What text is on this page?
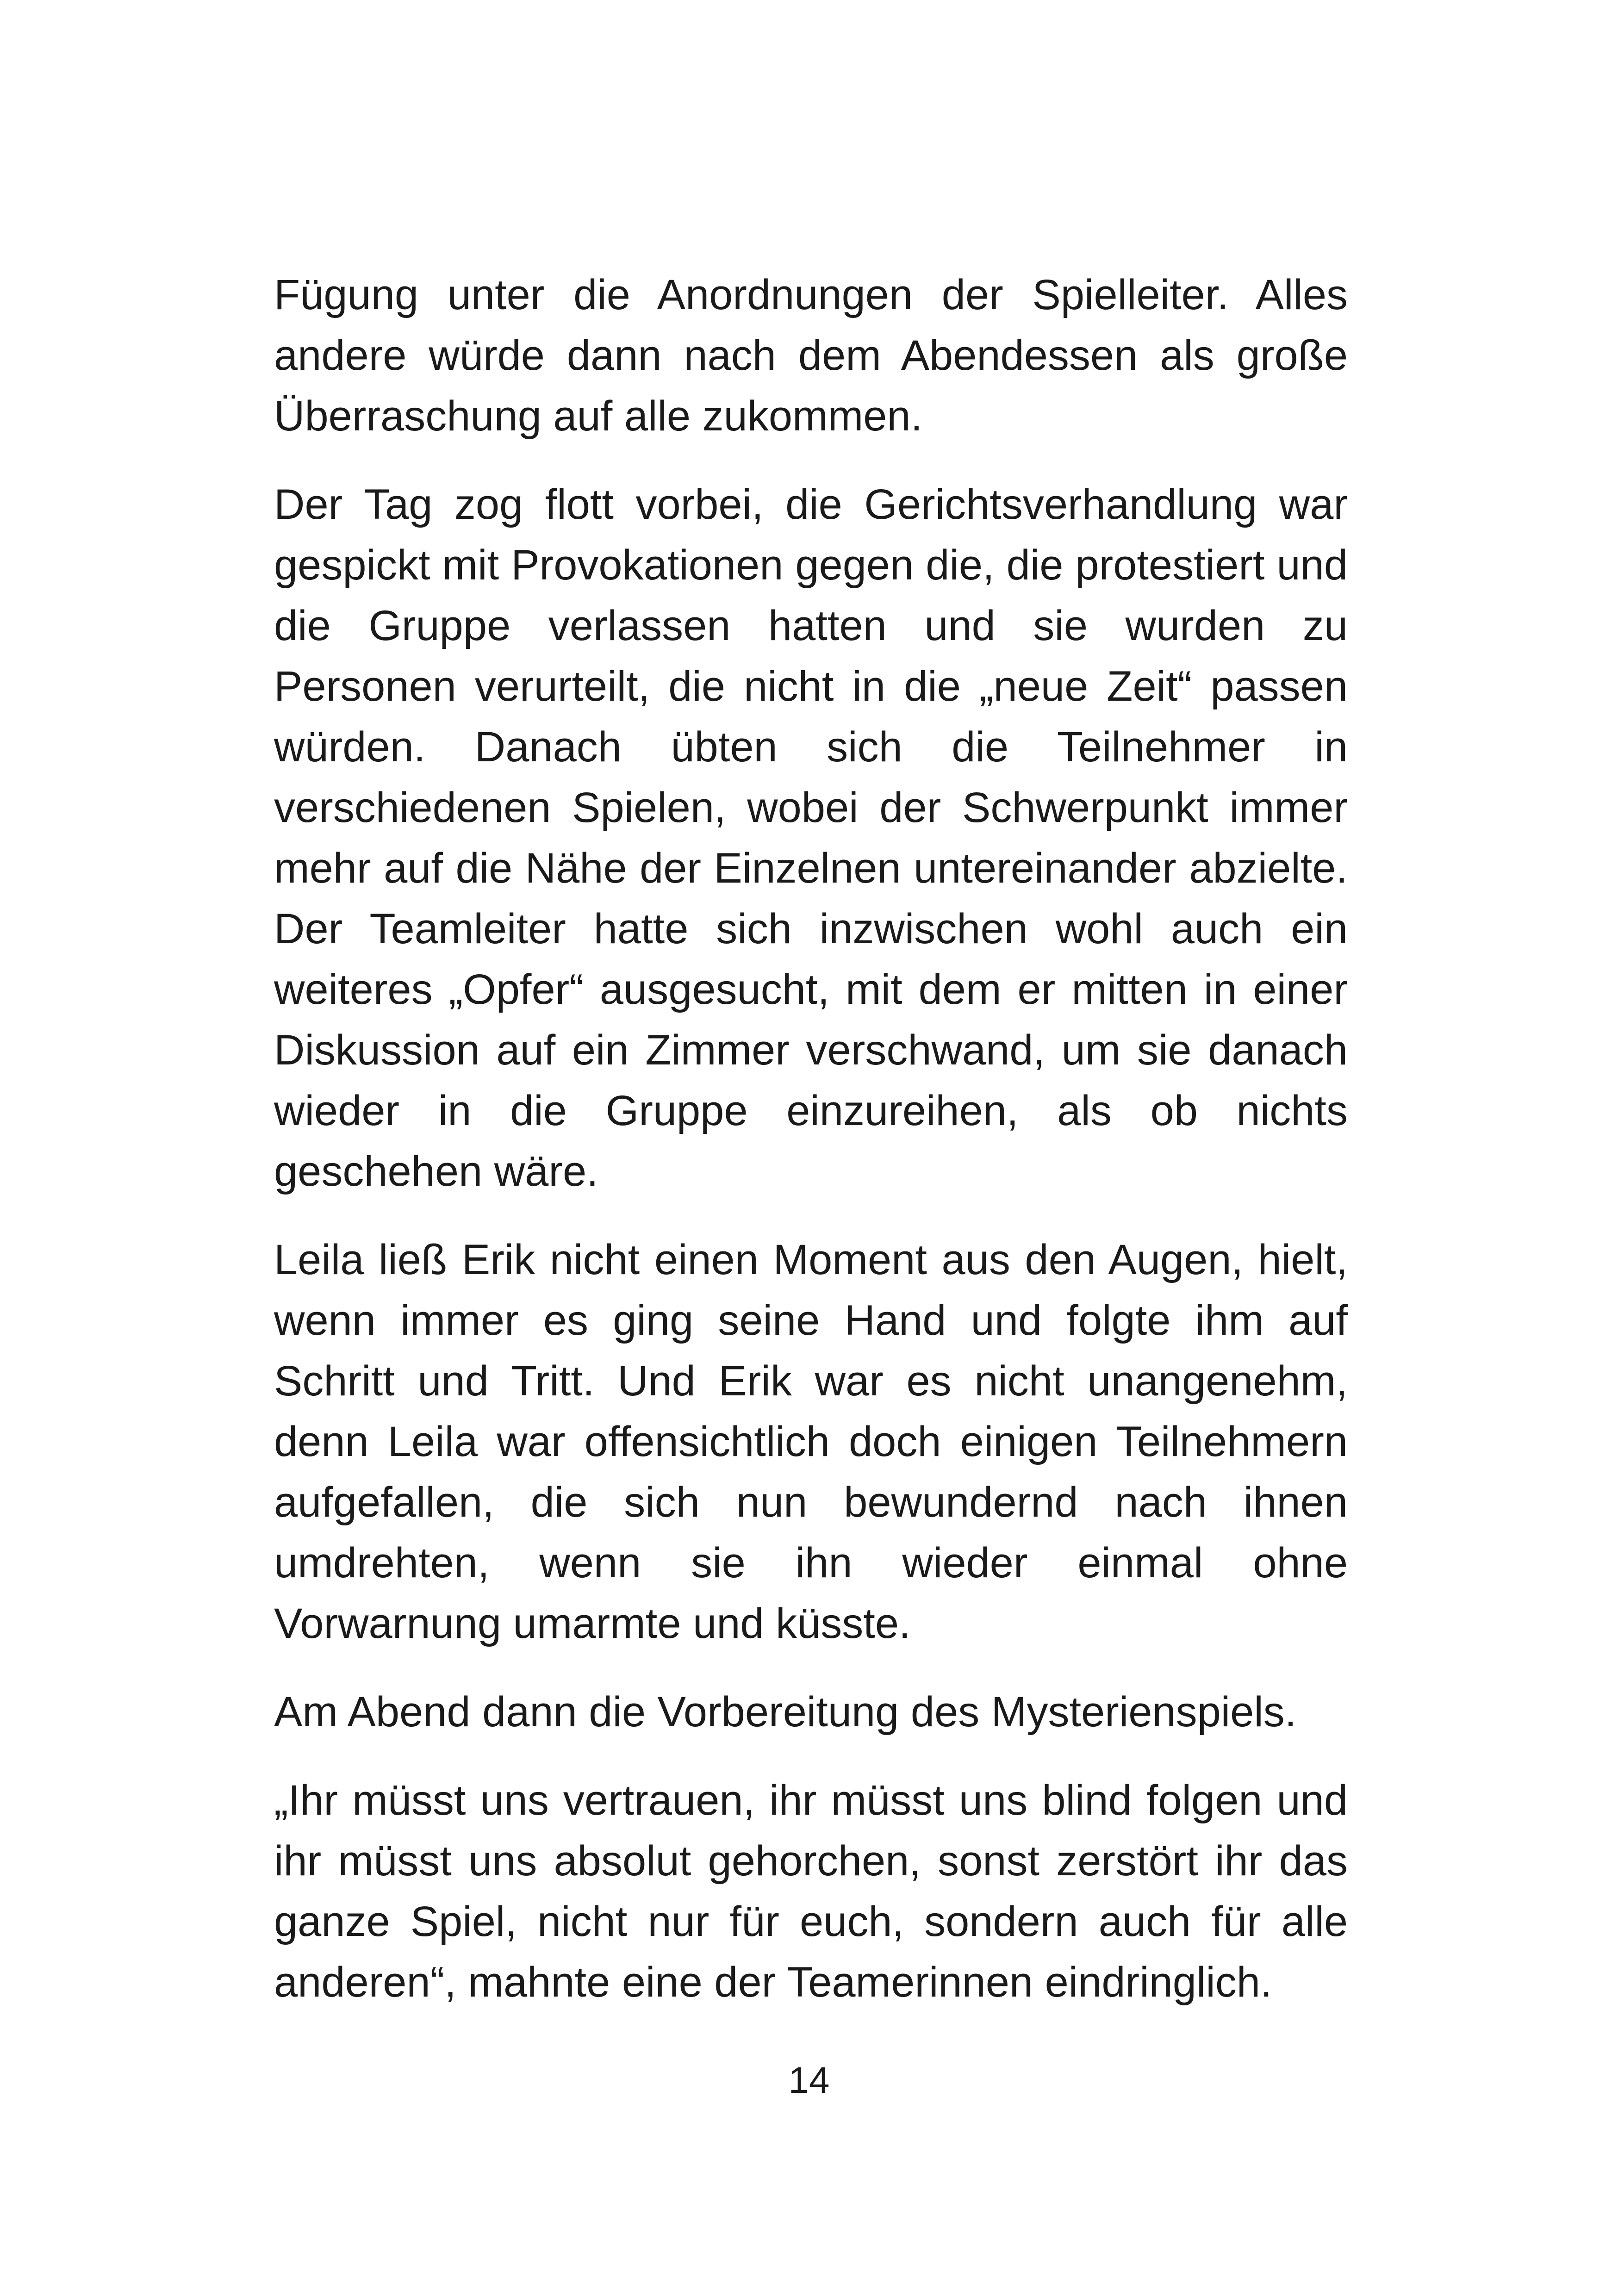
Fügung unter die Anordnungen der Spielleiter. Alles andere würde dann nach dem Abendessen als große Überraschung auf alle zukommen.

Der Tag zog flott vorbei, die Gerichtsverhandlung war gespickt mit Provokationen gegen die, die protestiert und die Gruppe verlassen hatten und sie wurden zu Personen verurteilt, die nicht in die „neue Zeit“ passen würden. Danach übten sich die Teilnehmer in verschiedenen Spielen, wobei der Schwerpunkt immer mehr auf die Nähe der Einzelnen untereinander abzielte. Der Teamleiter hatte sich inzwischen wohl auch ein weiteres „Opfer“ ausgesucht, mit dem er mitten in einer Diskussion auf ein Zimmer verschwand, um sie danach wieder in die Gruppe einzureihen, als ob nichts geschehen wäre.

Leila ließ Erik nicht einen Moment aus den Augen, hielt, wenn immer es ging seine Hand und folgte ihm auf Schritt und Tritt. Und Erik war es nicht unangenehm, denn Leila war offensichtlich doch einigen Teilnehmern aufgefallen, die sich nun bewundernd nach ihnen umdrehten, wenn sie ihn wieder einmal ohne Vorwarnung umarmte und küsste.

Am Abend dann die Vorbereitung des Mysterienspiels.

„Ihr müsst uns vertrauen, ihr müsst uns blind folgen und ihr müsst uns absolut gehorchen, sonst zerstört ihr das ganze Spiel, nicht nur für euch, sondern auch für alle anderen“, mahnte eine der Teamerinnen eindringlich.

14
